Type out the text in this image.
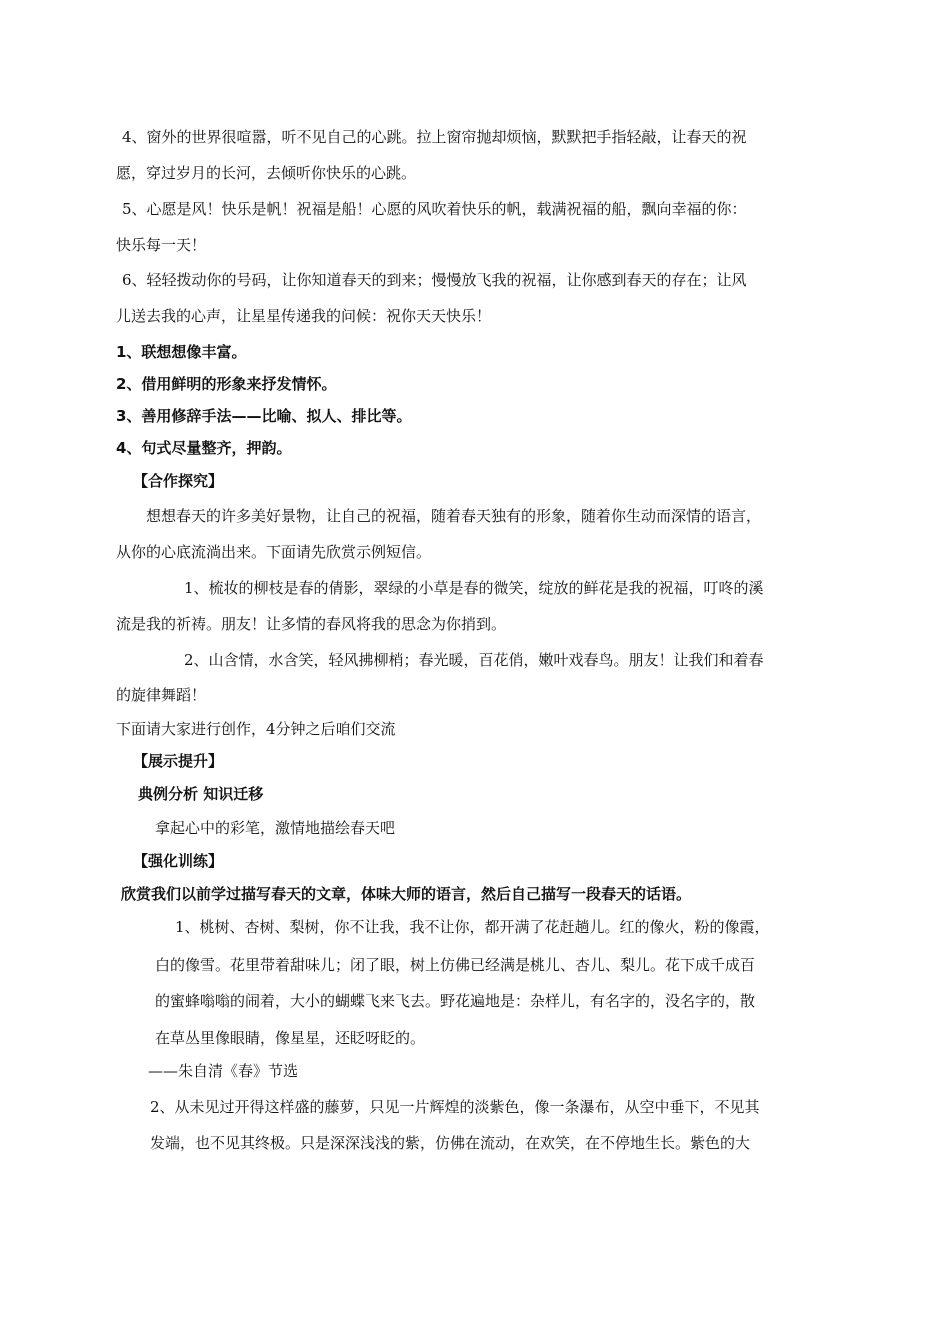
4、窗外的世界很喧嚣，听不见自己的心跳。拉上窗帘抛却烦恼，默默把手指轻敲，让春天的祝
愿，穿过岁月的长河，去倾听你快乐的心跳。
5、心愿是风！快乐是帆！祝福是船！心愿的风吹着快乐的帆，载满祝福的船，飘向幸福的你：
快乐每一天！
6、轻轻拨动你的号码，让你知道春天的到来；慢慢放飞我的祝福，让你感到春天的存在；让风
儿送去我的心声，让星星传递我的问候：祝你天天快乐！
1、联想想像丰富。
2、借用鲜明的形象来抒发情怀。
3、善用修辞手法——比喻、拟人、排比等。
4、句式尽量整齐，押韵。
【合作探究】
想想春天的许多美好景物，让自己的祝福，随着春天独有的形象，随着你生动而深情的语言，
从你的心底流淌出来。下面请先欣赏示例短信。
1、梳妆的柳枝是春的倩影，翠绿的小草是春的微笑，绽放的鲜花是我的祝福，叮咚的溪
流是我的祈祷。朋友！让多情的春风将我的思念为你捎到。
2、山含情，水含笑，轻风拂柳梢；春光暖，百花俏，嫩叶戏春鸟。朋友！让我们和着春
的旋律舞蹈！
下面请大家进行创作，4分钟之后咱们交流
【展示提升】
典例分析 知识迁移
拿起心中的彩笔，激情地描绘春天吧
【强化训练】
欣赏我们以前学过描写春天的文章，体味大师的语言，然后自己描写一段春天的话语。
1、桃树、杏树、梨树，你不让我，我不让你，都开满了花赶趟儿。红的像火，粉的像霞，
白的像雪。花里带着甜味儿；闭了眼，树上仿佛已经满是桃儿、杏儿、梨儿。花下成千成百
的蜜蜂嗡嗡的闹着，大小的蝴蝶飞来飞去。野花遍地是：杂样儿，有名字的，没名字的，散
在草丛里像眼睛，像星星，还眨呀眨的。
——朱自清《春》节选
2、从未见过开得这样盛的藤萝，只见一片辉煌的淡紫色，像一条瀑布，从空中垂下，不见其
发端，也不见其终极。只是深深浅浅的紫，仿佛在流动，在欢笑，在不停地生长。紫色的大
